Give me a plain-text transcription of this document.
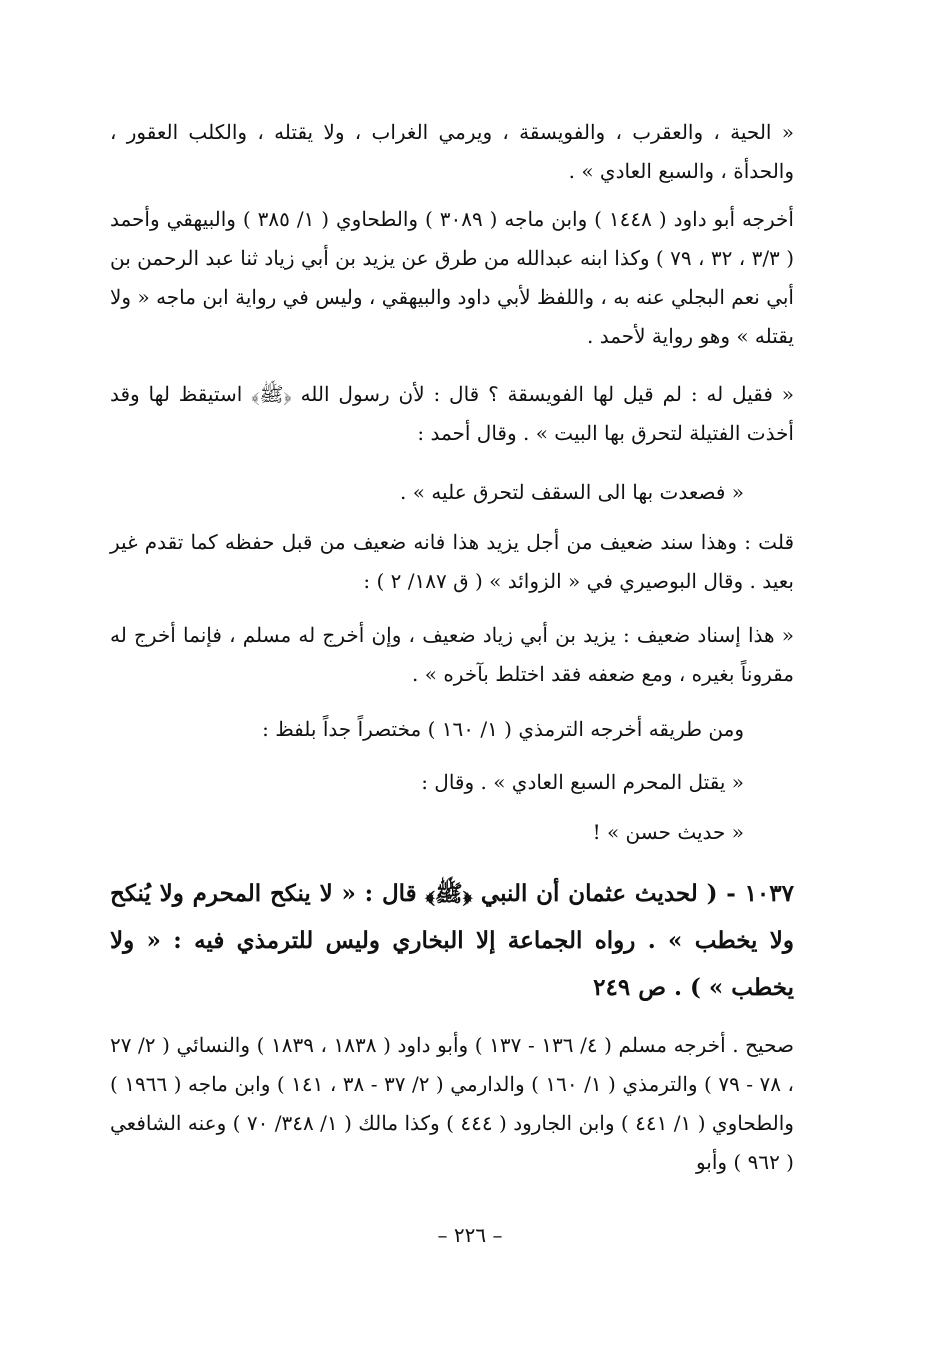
« الحية ، والعقرب ، والفويسقة ، ويرمي الغراب ، ولا يقتله ، والكلب العقور ، والحدأة ، والسبع العادي » .

أخرجه أبو داود ( ١٤٤٨ ) وابن ماجه ( ٣٠٨٩ ) والطحاوي ( ١/ ٣٨٥ ) والبيهقي وأحمد ( ٣/٣ ، ٣٢ ، ٧٩ ) وكذا ابنه عبدالله من طرق عن يزيد بن أبي زياد ثنا عبد الرحمن بن أبي نعم البجلي عنه به ، واللفظ لأبي داود والبيهقي ، وليس في رواية ابن ماجه « ولا يقتله » وهو رواية لأحمد .

« فقيل له : لم قيل لها الفويسقة ؟ قال : لأن رسول الله ﴿ﷺ﴾ استيقظ لها وقد أخذت الفتيلة لتحرق بها البيت » . وقال أحمد :

« فصعدت بها الى السقف لتحرق عليه » .

قلت : وهذا سند ضعيف من أجل يزيد هذا فانه ضعيف من قبل حفظه كما تقدم غير بعيد . وقال البوصيري في « الزوائد » ( ق ١٨٧/ ٢ ) :

« هذا إسناد ضعيف : يزيد بن أبي زياد ضعيف ، وإن أخرج له مسلم ، فإنما أخرج له مقروناً بغيره ، ومع ضعفه فقد اختلط بآخره » .

ومن طريقه أخرجه الترمذي ( ١/ ١٦٠ ) مختصراً جداً بلفظ :

« يقتل المحرم السبع العادي » . وقال :

« حديث حسن » !

١٠٣٧ - ( لحديث عثمان أن النبي ﴿ﷺ﴾ قال : « لا ينكح المحرم ولا يُنكح ولا يخطب » . رواه الجماعة إلا البخاري وليس للترمذي فيه : « ولا يخطب » ) . ص ٢٤٩

صحيح . أخرجه مسلم ( ٤/ ١٣٦ - ١٣٧ ) وأبو داود ( ١٨٣٨ ، ١٨٣٩ ) والنسائي ( ٢/ ٢٧ ، ٧٨ - ٧٩ ) والترمذي ( ١/ ١٦٠ ) والدارمي ( ٢/ ٣٧ - ٣٨ ، ١٤١ ) وابن ماجه ( ١٩٦٦ ) والطحاوي ( ١/ ٤٤١ ) وابن الجارود ( ٤٤٤ ) وكذا مالك ( ١/ ٣٤٨/ ٧٠ ) وعنه الشافعي ( ٩٦٢ ) وأبو

– ٢٢٦ –
